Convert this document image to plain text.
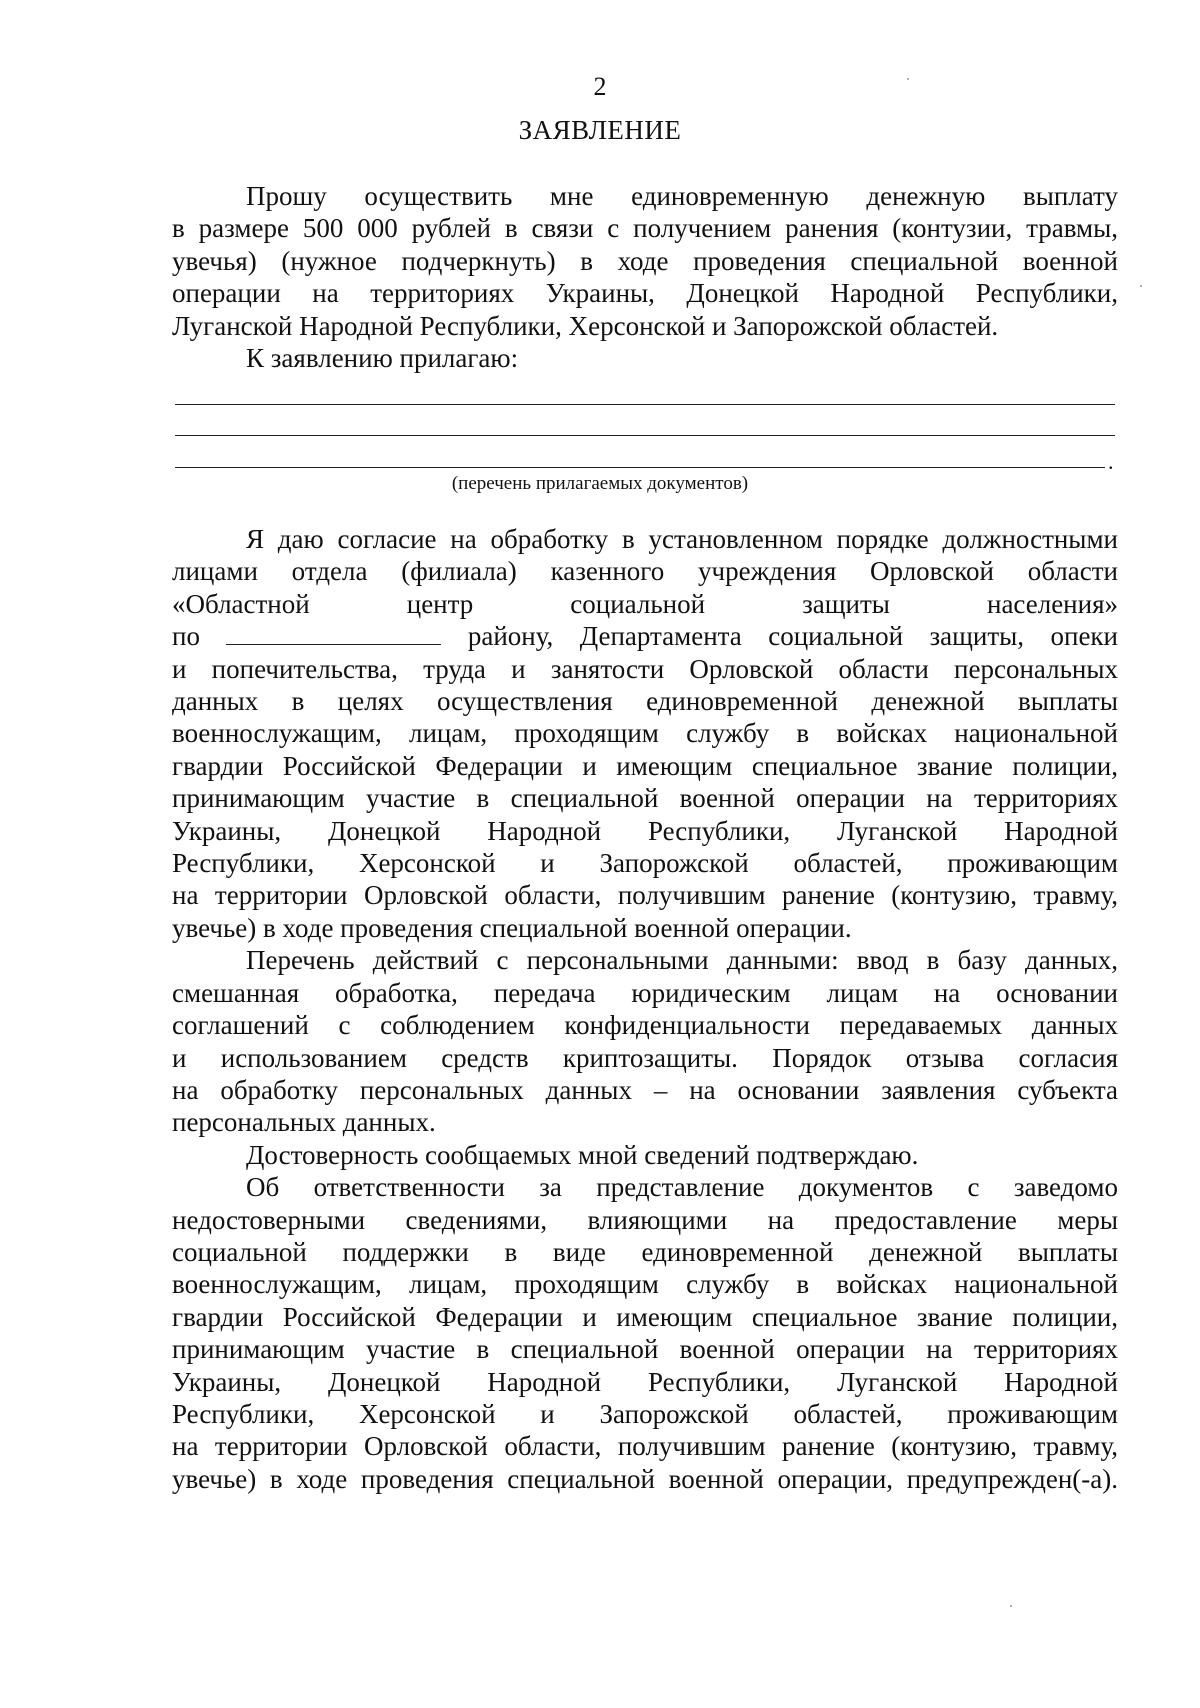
2
ЗАЯВЛЕНИЕ
Прошу осуществить мне единовременную денежную выплату
в размере 500 000 рублей в связи с получением ранения (контузии, травмы,
увечья) (нужное подчеркнуть) в ходе проведения специальной военной
операции на территориях Украины, Донецкой Народной Республики,
Луганской Народной Республики, Херсонской и Запорожской областей.
К заявлению прилагаю:
.
(перечень прилагаемых документов)
Я даю согласие на обработку в установленном порядке должностными
лицами отдела (филиала) казенного учреждения Орловской области
«Областной центр социальной защиты населения»
по	району, Департамента социальной защиты, опеки
и попечительства, труда и занятости Орловской области персональных
данных в целях осуществления единовременной денежной выплаты
военнослужащим, лицам, проходящим службу в войсках национальной
гвардии Российской Федерации и имеющим специальное звание полиции,
принимающим участие в специальной военной операции на территориях
Украины, Донецкой Народной Республики, Луганской Народной
Республики, Херсонской и Запорожской областей, проживающим
на территории Орловской области, получившим ранение (контузию, травму,
увечье) в ходе проведения специальной военной операции.
Перечень действий с персональными данными: ввод в базу данных,
смешанная обработка, передача юридическим лицам на основании
соглашений с соблюдением конфиденциальности передаваемых данных
и использованием средств криптозащиты. Порядок отзыва согласия
на обработку персональных данных – на основании заявления субъекта
персональных данных.
Достоверность сообщаемых мной сведений подтверждаю.
Об ответственности за представление документов с заведомо
недостоверными сведениями, влияющими на предоставление меры
социальной поддержки в виде единовременной денежной выплаты
военнослужащим, лицам, проходящим службу в войсках национальной
гвардии Российской Федерации и имеющим специальное звание полиции,
принимающим участие в специальной военной операции на территориях
Украины, Донецкой Народной Республики, Луганской Народной
Республики, Херсонской и Запорожской областей, проживающим
на территории Орловской области, получившим ранение (контузию, травму,
увечье) в ходе проведения специальной военной операции, предупрежден(-а).
